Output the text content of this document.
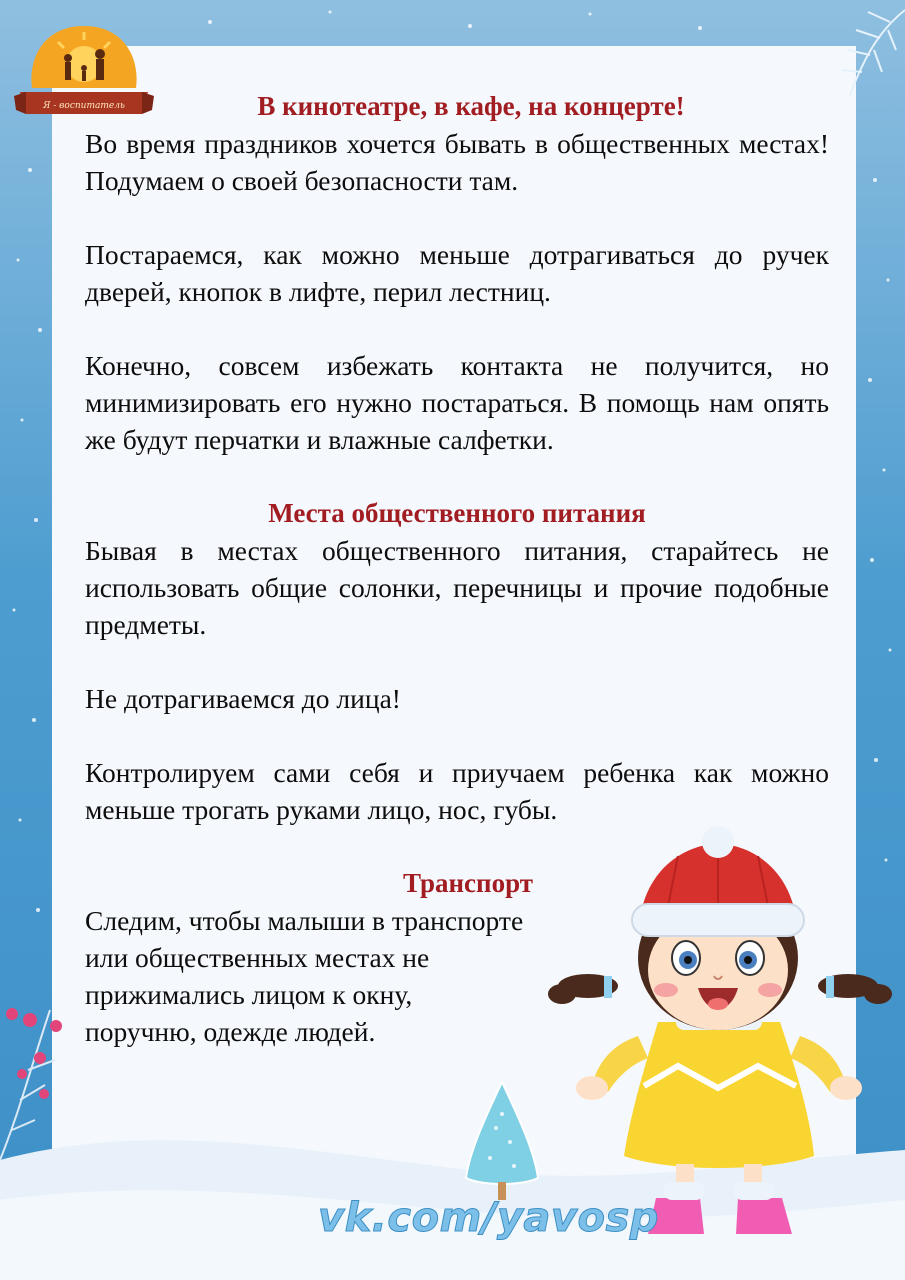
Я - воспитатель	В кинотеатре, в кафе, на концерте!

Во время праздников хочется бывать в общественных местах! Подумаем о своей безопасности там.

Постараемся, как можно меньше дотрагиваться до ручек дверей, кнопок в лифте, перил лестниц.

Конечно, совсем избежать контакта не получится, но минимизировать его нужно постараться. В помощь нам опять же будут перчатки и влажные салфетки.

Места общественного питания

Бывая в местах общественного питания, старайтесь не использовать общие солонки, перечницы и прочие подобные предметы.

Не дотрагиваемся до лица!

Контролируем сами себя и приучаем ребенка как можно меньше трогать руками лицо, нос, губы.

Транспорт

Следим, чтобы малыши в транспорте или общественных местах не прижимались лицом к окну, поручню, одежде людей.

vk.com/yavosp
